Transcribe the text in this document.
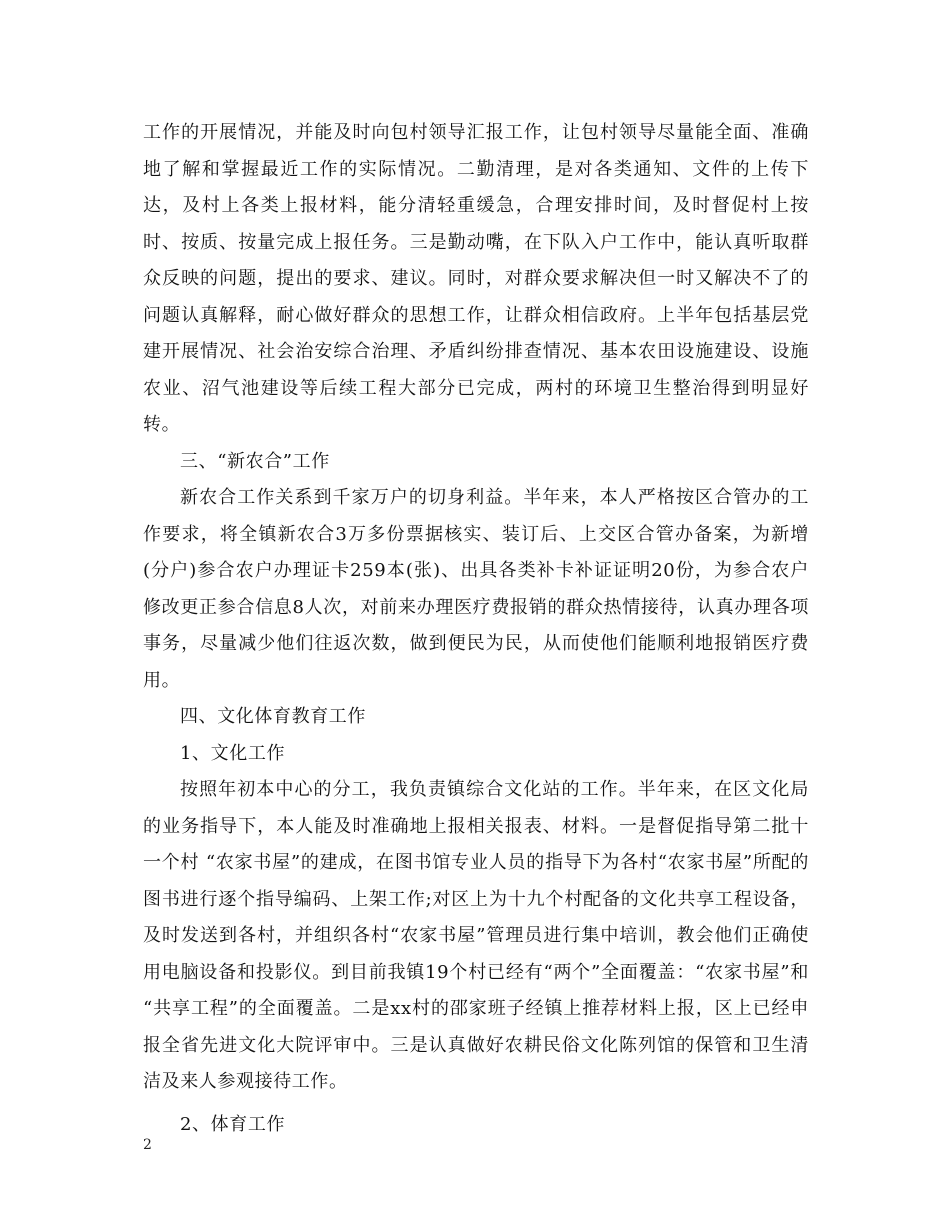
工作的开展情况，并能及时向包村领导汇报工作，让包村领导尽量能全面、准确地了解和掌握最近工作的实际情况。二勤清理，是对各类通知、文件的上传下达，及村上各类上报材料，能分清轻重缓急，合理安排时间，及时督促村上按时、按质、按量完成上报任务。三是勤动嘴，在下队入户工作中，能认真听取群众反映的问题，提出的要求、建议。同时，对群众要求解决但一时又解决不了的问题认真解释，耐心做好群众的思想工作，让群众相信政府。上半年包括基层党建开展情况、社会治安综合治理、矛盾纠纷排查情况、基本农田设施建设、设施农业、沼气池建设等后续工程大部分已完成，两村的环境卫生整治得到明显好转。

三、“新农合”工作

新农合工作关系到千家万户的切身利益。半年来，本人严格按区合管办的工作要求，将全镇新农合3万多份票据核实、装订后、上交区合管办备案，为新增(分户)参合农户办理证卡259本(张)、出具各类补卡补证证明20份，为参合农户修改更正参合信息8人次，对前来办理医疗费报销的群众热情接待，认真办理各项事务，尽量减少他们往返次数，做到便民为民，从而使他们能顺利地报销医疗费用。

四、文化体育教育工作

1、文化工作

按照年初本中心的分工，我负责镇综合文化站的工作。半年来，在区文化局的业务指导下，本人能及时准确地上报相关报表、材料。一是督促指导第二批十一个村 “农家书屋”的建成，在图书馆专业人员的指导下为各村“农家书屋”所配的图书进行逐个指导编码、上架工作;对区上为十九个村配备的文化共享工程设备，及时发送到各村，并组织各村“农家书屋”管理员进行集中培训，教会他们正确使用电脑设备和投影仪。到目前我镇19个村已经有“两个”全面覆盖：“农家书屋”和 “共享工程”的全面覆盖。二是xx村的邵家班子经镇上推荐材料上报，区上已经申报全省先进文化大院评审中。三是认真做好农耕民俗文化陈列馆的保管和卫生清洁及来人参观接待工作。

2、体育工作

2
